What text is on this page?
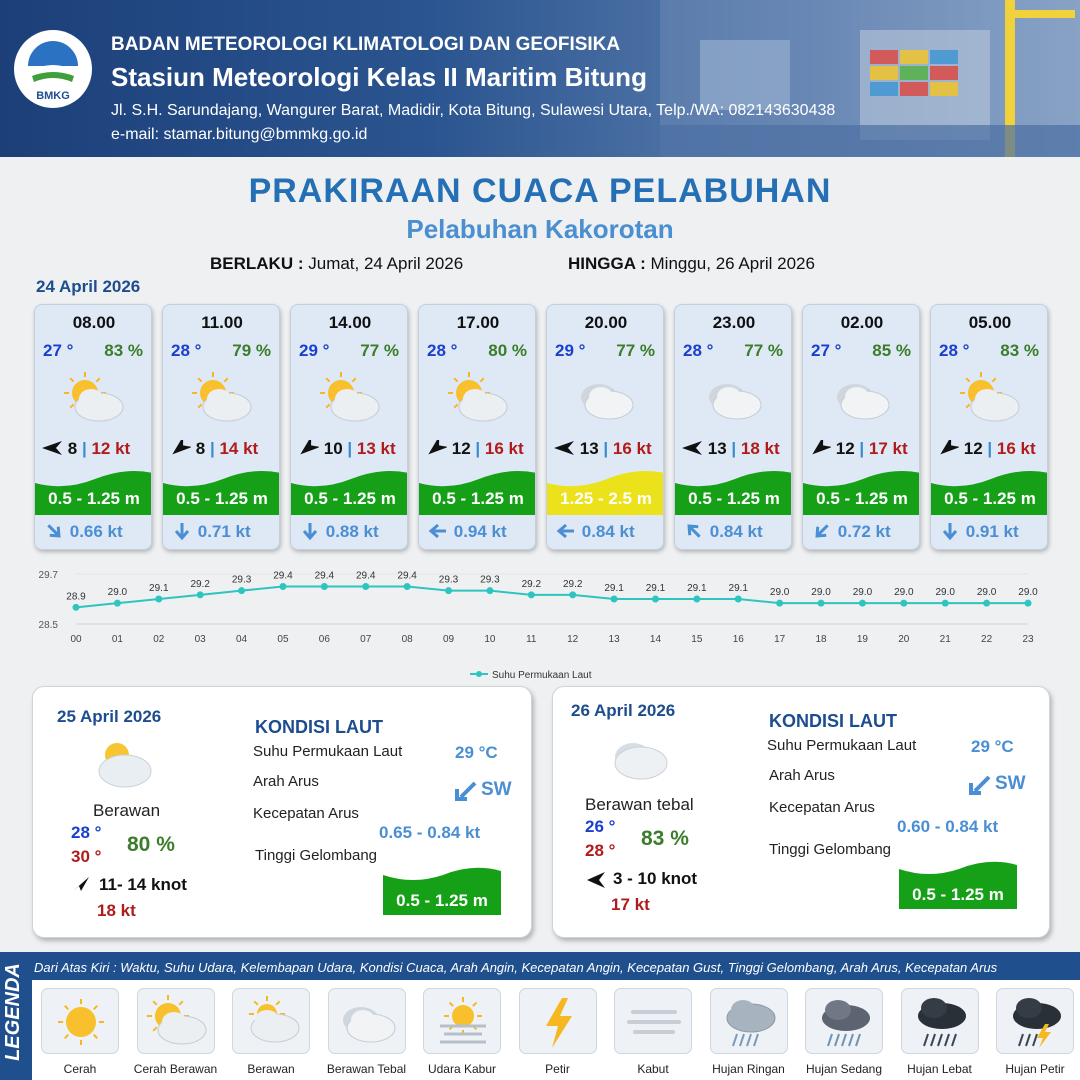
BMKG
BADAN METEOROLOGI KLIMATOLOGI DAN GEOFISIKA
Stasiun Meteorologi Kelas II Maritim Bitung
Jl. S.H. Sarundajang, Wangurer Barat, Madidir, Kota Bitung, Sulawesi Utara, Telp./WA: 082143630438
e-mail: stamar.bitung@bmmkg.go.id
PRAKIRAAN CUACA PELABUHAN
Pelabuhan Kakorotan
BERLAKU : Jumat, 24 April 2026	HINGGA : Minggu, 26 April 2026
24 April 2026
08.00
27 ° 83 %
8 | 12 kt
0.5 - 1.25 m
0.66 kt
11.00
28 ° 79 %
8 | 14 kt
0.5 - 1.25 m
0.71 kt
14.00
29 ° 77 %
10 | 13 kt
0.5 - 1.25 m
0.88 kt
17.00
28 ° 80 %
12 | 16 kt
0.5 - 1.25 m
0.94 kt
20.00
29 ° 77 %
13 | 16 kt
1.25 - 2.5 m
0.84 kt
23.00
28 ° 77 %
13 | 18 kt
0.5 - 1.25 m
0.84 kt
02.00
27 ° 85 %
12 | 17 kt
0.5 - 1.25 m
0.72 kt
05.00
28 ° 83 %
12 | 16 kt
0.5 - 1.25 m
0.91 kt
29.7
28.5
28.9
00
29.0
01
29.1
02
29.2
03
29.3
04
29.4
05
29.4
06
29.4
07
29.4
08
29.3
09
29.3
10
29.2
11
29.2
12
29.1
13
29.1
14
29.1
15
29.1
16
29.0
17
29.0
18
29.0
19
29.0
20
29.0
21
29.0
22
29.0
23
Suhu Permukaan Laut
25 April 2026
Berawan
28 °
30 °
80 %
11- 14 knot
18 kt
KONDISI LAUT
Suhu Permukaan Laut	29 °C
Arah Arus	SW
Kecepatan Arus
0.65 - 0.84 kt
Tinggi Gelombang
0.5 - 1.25 m
26 April 2026
Berawan tebal
26 °
28 °
83 %
3 - 10 knot
17 kt
KONDISI LAUT
Suhu Permukaan Laut	29 °C
Arah Arus	SW
Kecepatan Arus
0.60 - 0.84 kt
Tinggi Gelombang
0.5 - 1.25 m
LEGENDA Dari Atas Kiri : Waktu, Suhu Udara, Kelembapan Udara, Kondisi Cuaca, Arah Angin, Kecepatan Angin, Kecepatan Gust, Tinggi Gelombang, Arah Arus, Kecepatan Arus
Cerah	Cerah Berawan	Berawan	Berawan Tebal	Udara Kabur	Petir	Kabut	Hujan Ringan	Hujan Sedang	Hujan Lebat	Hujan Petir
